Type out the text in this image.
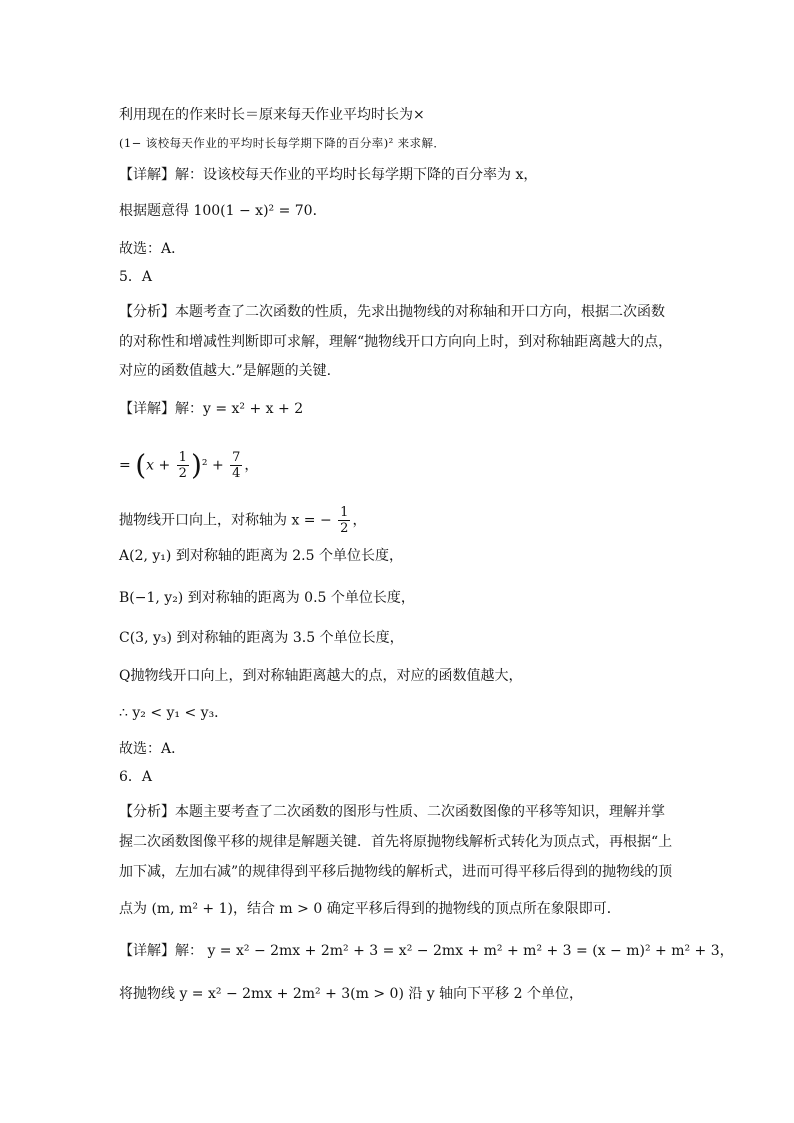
利用现在的作来时长＝原来每天作业平均时长为×
(1− 该校每天作业的平均时长每学期下降的百分率)² 来求解．
【详解】解：设该校每天作业的平均时长每学期下降的百分率为 x，
根据题意得 100(1 − x)² = 70．
故选：A．
5．A
【分析】本题考查了二次函数的性质，先求出抛物线的对称轴和开口方向，根据二次函数
的对称性和增减性判断即可求解，理解“抛物线开口方向向上时，到对称轴距离越大的点，
对应的函数值越大.”是解题的关键.
【详解】解：y = x² + x + 2
= $(x + \frac{1}{2} )^2 + \frac{7}{4}$ ，
抛物线开口向上，对称轴为 x = − $\frac{1}{2}$ ，
A(2, y₁) 到对称轴的距离为 2.5 个单位长度，
B(−1, y₂) 到对称轴的距离为 0.5 个单位长度，
C(3, y₃) 到对称轴的距离为 3.5 个单位长度，
Q抛物线开口向上，到对称轴距离越大的点，对应的函数值越大，
∴ y₂ < y₁ < y₃．
故选：A．
6．A
【分析】本题主要考查了二次函数的图形与性质、二次函数图像的平移等知识，理解并掌
握二次函数图像平移的规律是解题关键．首先将原抛物线解析式转化为顶点式，再根据“上
加下减，左加右减”的规律得到平移后抛物线的解析式，进而可得平移后得到的抛物线的顶
点为 (m, m² + 1)，结合 m > 0 确定平移后得到的抛物线的顶点所在象限即可．
【详解】解： y = x² − 2mx + 2m² + 3 = x² − 2mx + m² + m² + 3 = (x − m)² + m² + 3，
将抛物线 y = x² − 2mx + 2m² + 3(m > 0) 沿 y 轴向下平移 2 个单位，
